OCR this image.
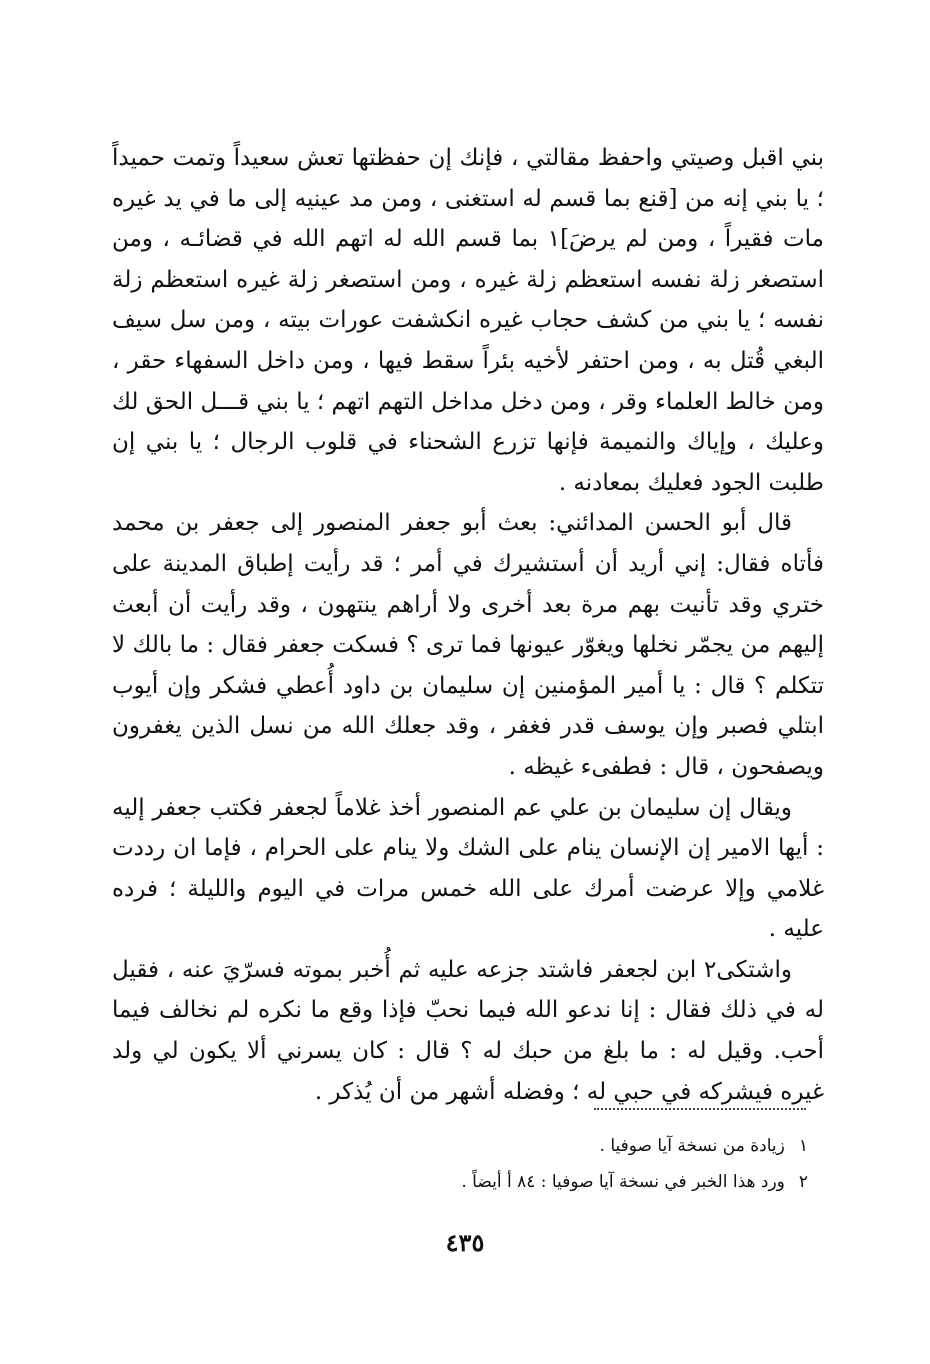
بني اقبل وصيتي واحفظ مقالتي ، فإنك إن حفظتها تعش سعيداً وتمت حميداً ؛ يا بني إنه من [قنع بما قسم له استغنى ، ومن مد عينيه إلى ما في يد غيره مات فقيراً ، ومن لم يرضَ]١ بما قسم الله له اتهم الله في قضائـه ، ومن استصغر زلة نفسه استعظم زلة غيره ، ومن استصغر زلة غيره استعظم زلة نفسه ؛ يا بني من كشف حجاب غيره انكشفت عورات بيته ، ومن سل سيف البغي قُتل به ، ومن احتفر لأخيه بئراً سقط فيها ، ومن داخل السفهاء حقر ، ومن خالط العلماء وقر ، ومن دخل مداخل التهم اتهم ؛ يا بني قـــل الحق لك وعليك ، وإياك والنميمة فإنها تزرع الشحناء في قلوب الرجال ؛ يا بني إن طلبت الجود فعليك بمعادنه .

قال أبو الحسن المدائني: بعث أبو جعفر المنصور إلى جعفر بن محمد فأتاه فقال: إني أريد أن أستشيرك في أمر ؛ قد رأيت إطباق المدينة على ختري وقد تأنيت بهم مرة بعد أخرى ولا أراهم ينتهون ، وقد رأيت أن أبعث إليهم من يجمّر نخلها ويغوّر عيونها فما ترى ؟ فسكت جعفر فقال : ما بالك لا تتكلم ؟ قال : يا أمير المؤمنين إن سليمان بن داود أُعطي فشكر وإن أيوب ابتلي فصبر وإن يوسف قدر فغفر ، وقد جعلك الله من نسل الذين يغفرون ويصفحون ، قال : فطفىء غيظه .

ويقال إن سليمان بن علي عم المنصور أخذ غلاماً لجعفر فكتب جعفر إليه : أيها الامير إن الإنسان ينام على الشك ولا ينام على الحرام ، فإما ان رددت غلامي وإلا عرضت أمرك على الله خمس مرات في اليوم والليلة ؛ فرده عليه .

واشتكى٢ ابن لجعفر فاشتد جزعه عليه ثم أُخبر بموته فسرّيَ عنه ، فقيل له في ذلك فقال : إنا ندعو الله فيما نحبّ فإذا وقع ما نكره لم نخالف فيما أحب. وقيل له : ما بلغ من حبك له ؟ قال : كان يسرني ألا يكون لي ولد غيره فيشركه في حبي له ؛ وفضله أشهر من أن يُذكر .

١زيادة من نسخة آيا صوفيا .
٢ورد هذا الخبر في نسخة آيا صوفيا : ٨٤ أ أيضاً .
٤٣٥
